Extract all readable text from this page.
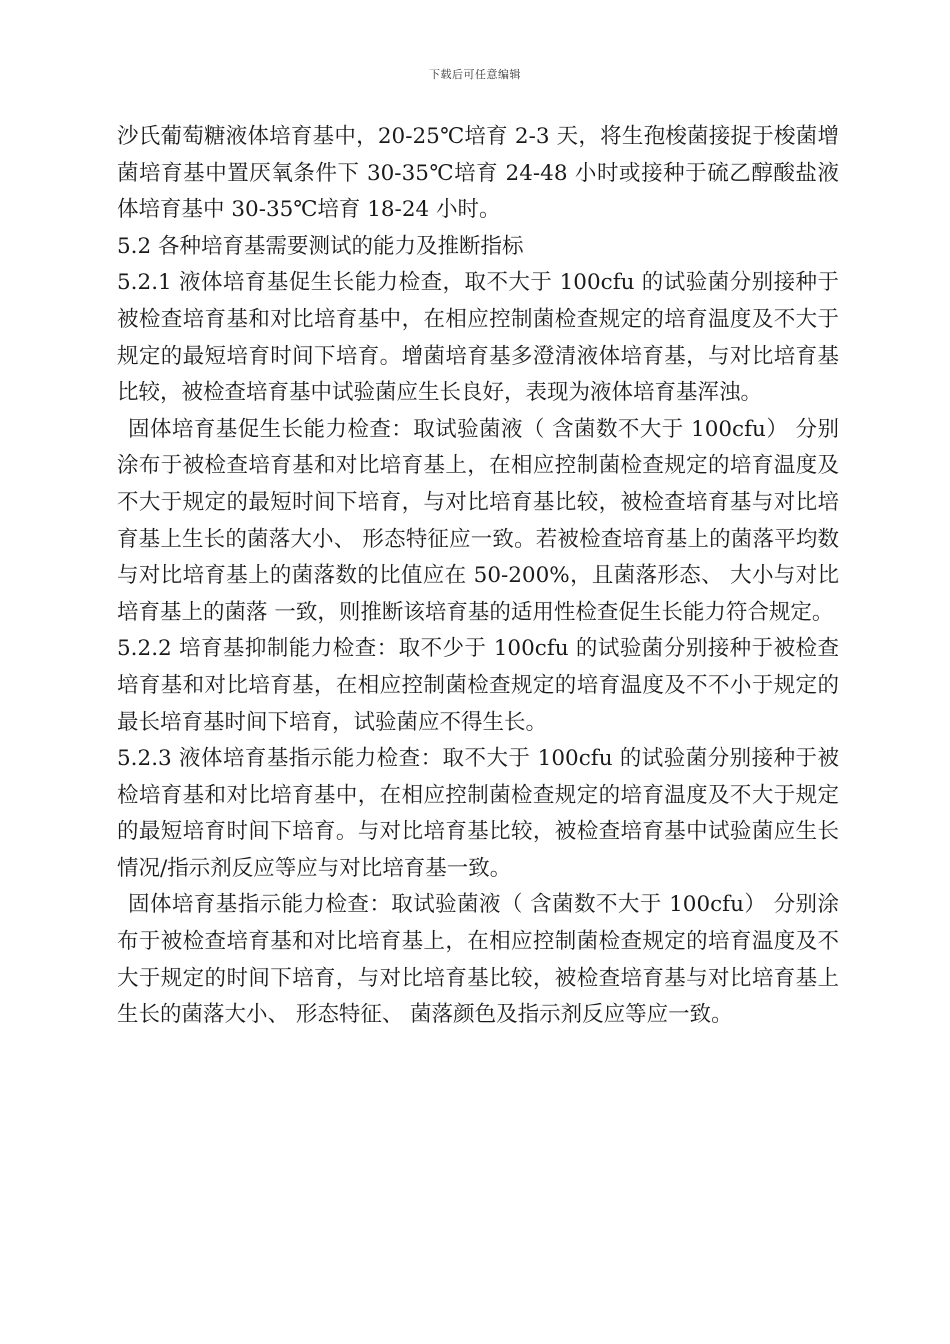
下载后可任意编辑

沙氏葡萄糖液体培育基中，20-25℃培育 2-3 天，将生孢梭菌接捉于梭菌增菌培育基中置厌氧条件下 30-35℃培育 24-48 小时或接种于硫乙醇酸盐液体培育基中 30-35℃培育 18-24 小时。

5.2 各种培育基需要测试的能力及推断指标

5.2.1 液体培育基促生长能力检查，取不大于 100cfu 的试验菌分别接种于被检查培育基和对比培育基中，在相应控制菌检查规定的培育温度及不大于规定的最短培育时间下培育。增菌培育基多澄清液体培育基，与对比培育基比较，被检查培育基中试验菌应生长良好，表现为液体培育基浑浊。

固体培育基促生长能力检查：取试验菌液（ 含菌数不大于 100cfu） 分别涂布于被检查培育基和对比培育基上，在相应控制菌检查规定的培育温度及不大于规定的最短时间下培育，与对比培育基比较，被检查培育基与对比培育基上生长的菌落大小、 形态特征应一致。若被检查培育基上的菌落平均数与对比培育基上的菌落数的比值应在 50-200%，且菌落形态、 大小与对比培育基上的菌落 一致，则推断该培育基的适用性检查促生长能力符合规定。

5.2.2 培育基抑制能力检查：取不少于 100cfu 的试验菌分别接种于被检查培育基和对比培育基，在相应控制菌检查规定的培育温度及不不小于规定的最长培育基时间下培育，试验菌应不得生长。

5.2.3 液体培育基指示能力检查：取不大于 100cfu 的试验菌分别接种于被检培育基和对比培育基中，在相应控制菌检查规定的培育温度及不大于规定的最短培育时间下培育。与对比培育基比较，被检查培育基中试验菌应生长情况/指示剂反应等应与对比培育基一致。

固体培育基指示能力检查：取试验菌液（ 含菌数不大于 100cfu） 分别涂布于被检查培育基和对比培育基上，在相应控制菌检查规定的培育温度及不大于规定的时间下培育，与对比培育基比较，被检查培育基与对比培育基上生长的菌落大小、 形态特征、 菌落颜色及指示剂反应等应一致。
